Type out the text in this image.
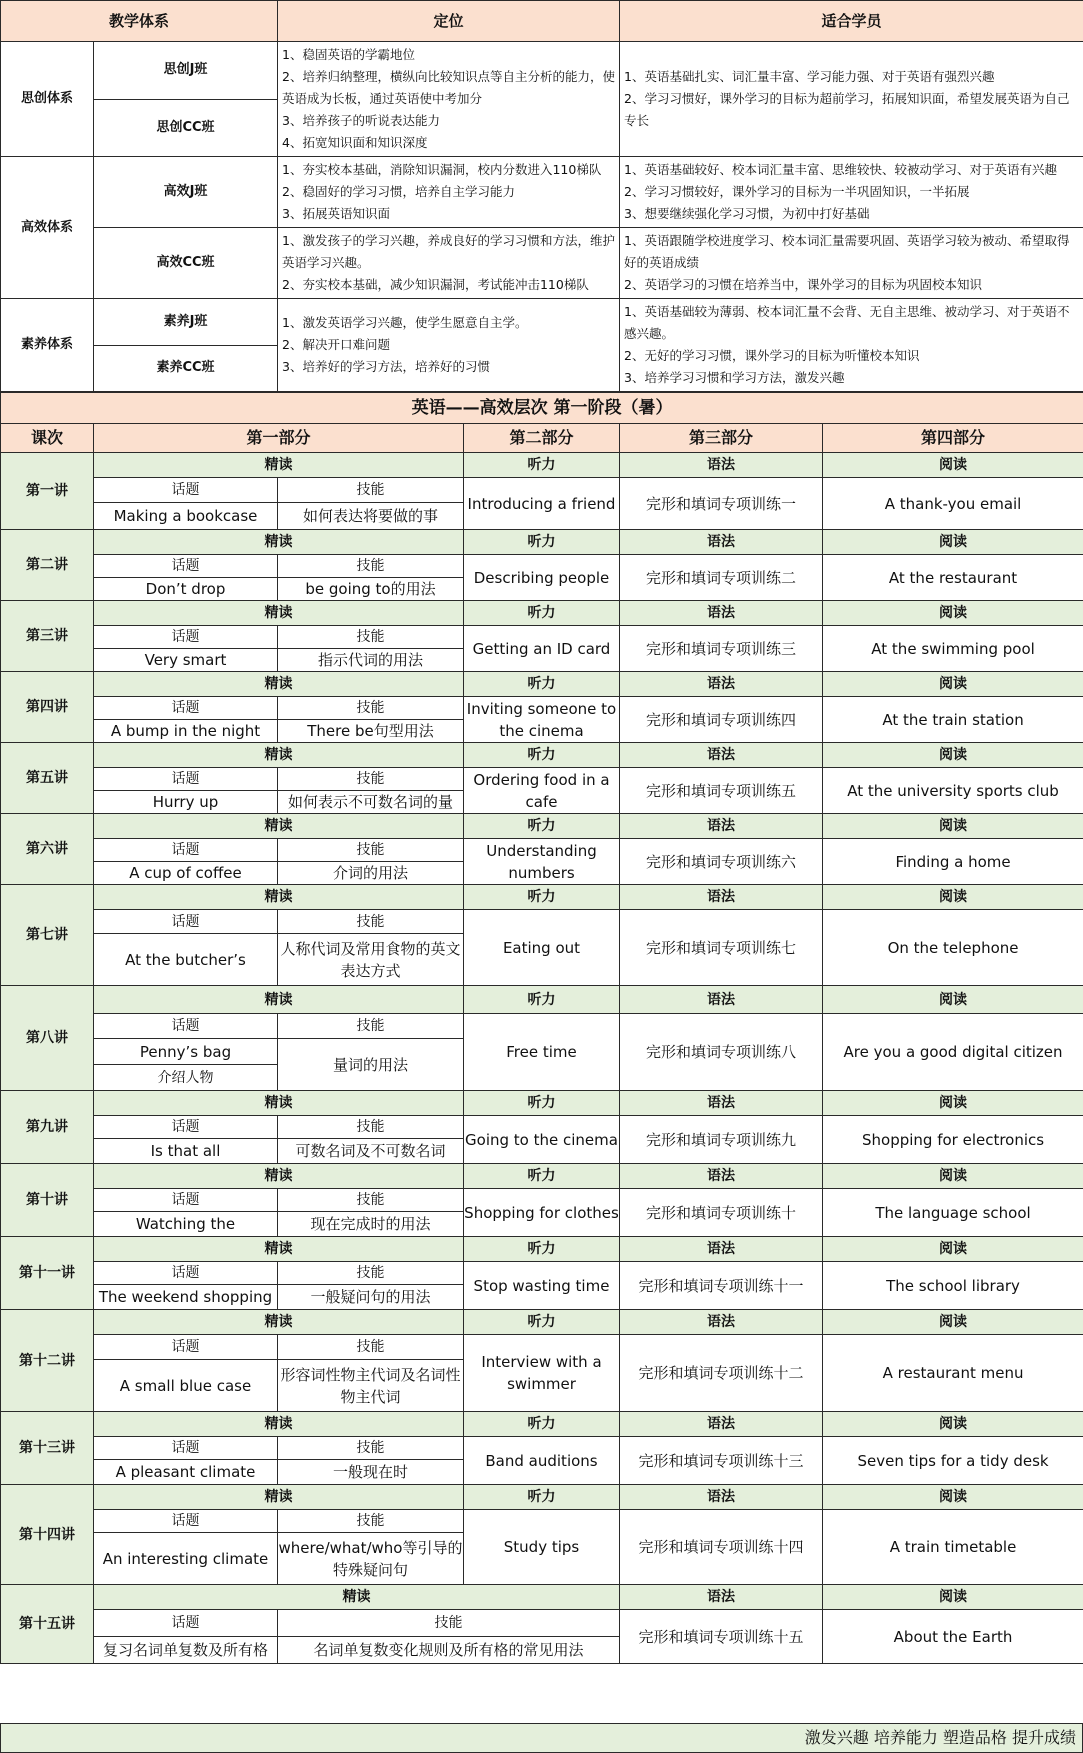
教学体系		定位	适合学员
思创体系	思创J班	1、稳固英语的学霸地位
2、培养归纳整理，横纵向比较知识点等自主分析的能力，使英语成为长板，通过英语使中考加分
3、培养孩子的听说表达能力
4、拓宽知识面和知识深度	1、英语基础扎实、词汇量丰富、学习能力强、对于英语有强烈兴趣
2、学习习惯好，课外学习的目标为超前学习，拓展知识面，希望发展英语为自己专长

	思创CC班		
高效体系	高效J班	1、夯实校本基础，消除知识漏洞，校内分数进入110梯队
2、稳固好的学习习惯，培养自主学习能力
3、拓展英语知识面	1、英语基础较好、校本词汇量丰富、思维较快、较被动学习、对于英语有兴趣
2、学习习惯较好，课外学习的目标为一半巩固知识，一半拓展
3、想要继续强化学习习惯，为初中打好基础

	高效CC班	1、激发孩子的学习兴趣，养成良好的学习习惯和方法，维护英语学习兴趣。
2、夯实校本基础，减少知识漏洞，考试能冲击110梯队	1、英语跟随学校进度学习、校本词汇量需要巩固、英语学习较为被动、希望取得好的英语成绩
2、英语学习的习惯在培养当中，课外学习的目标为巩固校本知识

素养体系	素养J班	1、激发英语学习兴趣，使学生愿意自主学。
2、解决开口难问题
3、培养好的学习方法，培养好的习惯	1、英语基础较为薄弱、校本词汇量不会背、无自主思维、被动学习、对于英语不感兴趣。
2、无好的学习习惯，课外学习的目标为听懂校本知识
3、培养学习习惯和学习方法，激发兴趣

	素养CC班		
英语——高效层次 第一阶段（暑）					
课次	第一部分		第二部分	第三部分	第四部分
第一讲	精读		听力	语法	阅读
	话题	技能	Introducing a friend	完形和填词专项训练一	A thank-you email
	Making a bookcase	如何表达将要做的事			
第二讲	精读		听力	语法	阅读
	话题	技能	Describing people	完形和填词专项训练二	At the restaurant
	Don’t drop	be going to的用法			
第三讲	精读		听力	语法	阅读
	话题	技能	Getting an ID card	完形和填词专项训练三	At the swimming pool
	Very smart	指示代词的用法			
第四讲	精读		听力	语法	阅读
	话题	技能	Inviting someone to the cinema	完形和填词专项训练四	At the train station
	A bump in the night	There be句型用法			
第五讲	精读		听力	语法	阅读
	话题	技能	Ordering food in a cafe	完形和填词专项训练五	At the university sports club
	Hurry up	如何表示不可数名词的量			
第六讲	精读		听力	语法	阅读
	话题	技能	Understanding numbers	完形和填词专项训练六	Finding a home
	A cup of coffee	介词的用法			
第七讲	精读		听力	语法	阅读
	话题	技能	Eating out	完形和填词专项训练七	On the telephone
	At the butcher’s	人称代词及常用食物的英文表达方式			
第八讲	精读		听力	语法	阅读
	话题	技能	Free time	完形和填词专项训练八	Are you a good digital citizen
	Penny’s bag	量词的用法			
	介绍人物				
第九讲	精读		听力	语法	阅读
	话题	技能	Going to the cinema	完形和填词专项训练九	Shopping for electronics
	Is that all	可数名词及不可数名词			
第十讲	精读		听力	语法	阅读
	话题	技能	Shopping for clothes	完形和填词专项训练十	The language school
	Watching the	现在完成时的用法			
第十一讲	精读		听力	语法	阅读
	话题	技能	Stop wasting time	完形和填词专项训练十一	The school library
	The weekend shopping	一般疑问句的用法			
第十二讲	精读		听力	语法	阅读
	话题	技能	Interview with a swimmer	完形和填词专项训练十二	A restaurant menu
	A small blue case	形容词性物主代词及名词性物主代词			
第十三讲	精读		听力	语法	阅读
	话题	技能	Band auditions	完形和填词专项训练十三	Seven tips for a tidy desk
	A pleasant climate	一般现在时			
第十四讲	精读		听力	语法	阅读
	话题	技能	Study tips	完形和填词专项训练十四	A train timetable
	An interesting climate	where/what/who等引导的特殊疑问句			
第十五讲	精读			语法	阅读
	话题	技能		完形和填词专项训练十五	About the Earth
	复习名词单复数及所有格	名词单复数变化规则及所有格的常见用法			
激发兴趣 培养能力 塑造品格 提升成绩
